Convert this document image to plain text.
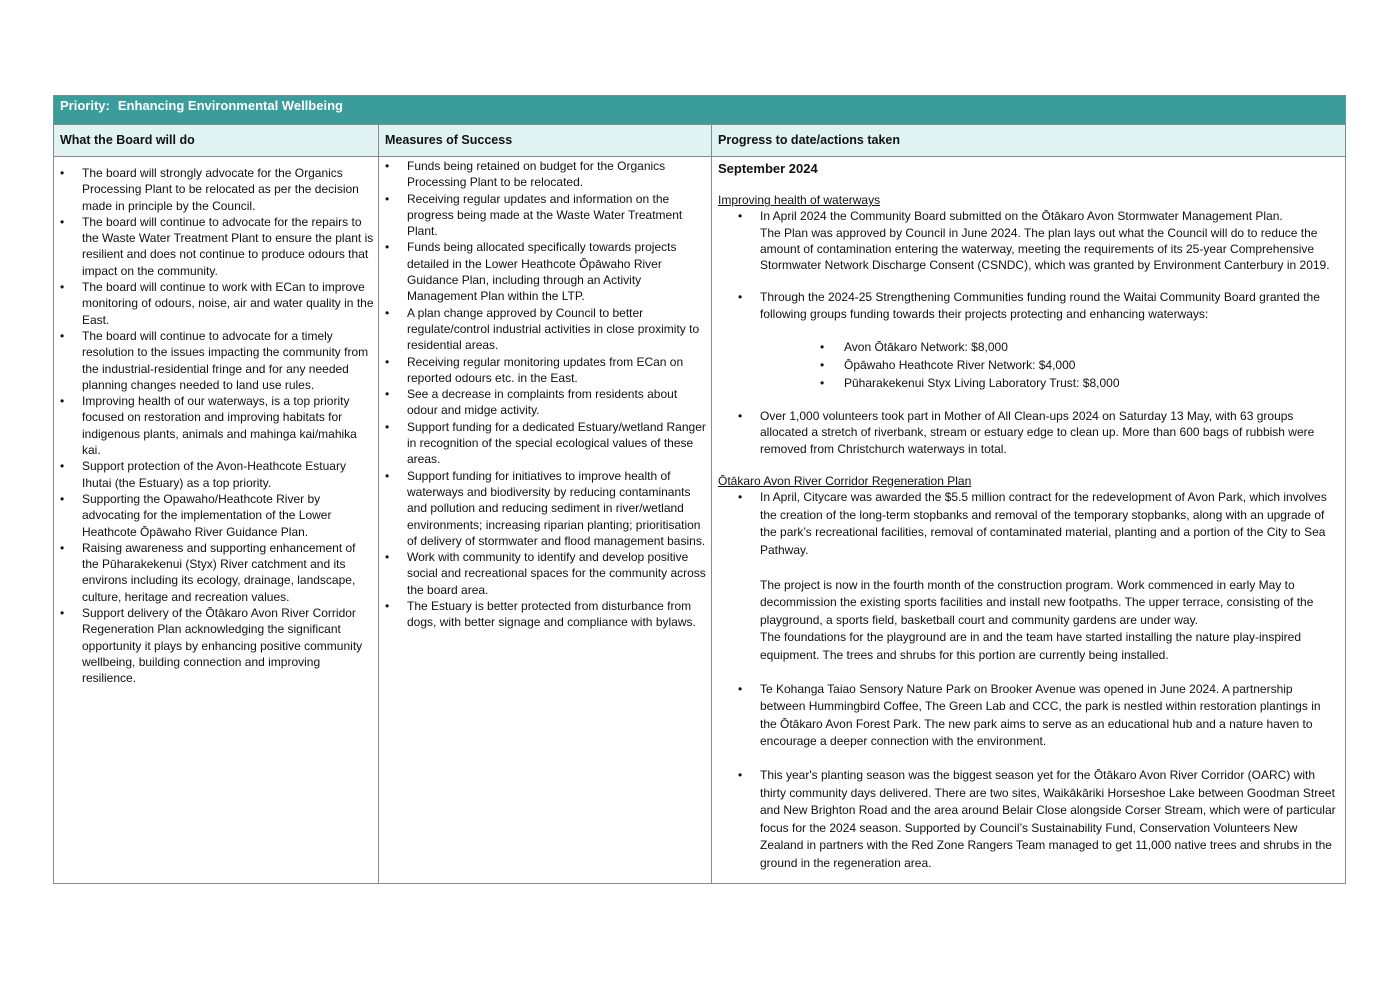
Priority: Enhancing Environmental Wellbeing
What the Board will do	Measures of Success	Progress to date/actions taken
• The board will strongly advocate for the Organics Processing Plant to be relocated as per the decision made in principle by the Council.
• The board will continue to advocate for the repairs to the Waste Water Treatment Plant to ensure the plant is resilient and does not continue to produce odours that impact on the community.
• The board will continue to work with ECan to improve monitoring of odours, noise, air and water quality in the East.
• The board will continue to advocate for a timely resolution to the issues impacting the community from the industrial-residential fringe and for any needed planning changes needed to land use rules.
• Improving health of our waterways, is a top priority focused on restoration and improving habitats for indigenous plants, animals and mahinga kai/mahika kai.
• Support protection of the Avon-Heathcote Estuary Ihutai (the Estuary) as a top priority.
• Supporting the Opawaho/Heathcote River by advocating for the implementation of the Lower Heathcote Ōpāwaho River Guidance Plan.
• Raising awareness and supporting enhancement of the Pūharakekenui (Styx) River catchment and its environs including its ecology, drainage, landscape, culture, heritage and recreation values.
• Support delivery of the Ōtākaro Avon River Corridor Regeneration Plan acknowledging the significant opportunity it plays by enhancing positive community wellbeing, building connection and improving resilience.
• Funds being retained on budget for the Organics Processing Plant to be relocated.
• Receiving regular updates and information on the progress being made at the Waste Water Treatment Plant.
• Funds being allocated specifically towards projects detailed in the Lower Heathcote Ōpāwaho River Guidance Plan, including through an Activity Management Plan within the LTP.
• A plan change approved by Council to better regulate/control industrial activities in close proximity to residential areas.
• Receiving regular monitoring updates from ECan on reported odours etc. in the East.
• See a decrease in complaints from residents about odour and midge activity.
• Support funding for a dedicated Estuary/wetland Ranger in recognition of the special ecological values of these areas.
• Support funding for initiatives to improve health of waterways and biodiversity by reducing contaminants and pollution and reducing sediment in river/wetland environments; increasing riparian planting; prioritisation of delivery of stormwater and flood management basins.
• Work with community to identify and develop positive social and recreational spaces for the community across the board area.
• The Estuary is better protected from disturbance from dogs, with better signage and compliance with bylaws.
September 2024

Improving health of waterways

• In April 2024 the Community Board submitted on the Ōtākaro Avon Stormwater Management Plan.

The Plan was approved by Council in June 2024. The plan lays out what the Council will do to reduce the amount of contamination entering the waterway, meeting the requirements of its 25-year Comprehensive Stormwater Network Discharge Consent (CSNDC), which was granted by Environment Canterbury in 2019.

• Through the 2024-25 Strengthening Communities funding round the Waitai Community Board granted the following groups funding towards their projects protecting and enhancing waterways:
• Avon Ōtākaro Network: $8,000
• Ōpāwaho Heathcote River Network: $4,000
• Pūharakekenui Styx Living Laboratory Trust: $8,000
• Over 1,000 volunteers took part in Mother of All Clean-ups 2024 on Saturday 13 May, with 63 groups allocated a stretch of riverbank, stream or estuary edge to clean up. More than 600 bags of rubbish were removed from Christchurch waterways in total.

Ōtākaro Avon River Corridor Regeneration Plan

• In April, Citycare was awarded the $5.5 million contract for the redevelopment of Avon Park, which involves the creation of the long-term stopbanks and removal of the temporary stopbanks, along with an upgrade of the park’s recreational facilities, removal of contaminated material, planting and a portion of the City to Sea Pathway.

The project is now in the fourth month of the construction program. Work commenced in early May to decommission the existing sports facilities and install new footpaths. The upper terrace, consisting of the playground, a sports field, basketball court and community gardens are under way.

The foundations for the playground are in and the team have started installing the nature play-inspired equipment. The trees and shrubs for this portion are currently being installed.

• Te Kohanga Taiao Sensory Nature Park on Brooker Avenue was opened in June 2024. A partnership between Hummingbird Coffee, The Green Lab and CCC, the park is nestled within restoration plantings in the Ōtākaro Avon Forest Park. The new park aims to serve as an educational hub and a nature haven to encourage a deeper connection with the environment.
• This year's planting season was the biggest season yet for the Ōtākaro Avon River Corridor (OARC) with thirty community days delivered. There are two sites, Waikākāriki Horseshoe Lake between Goodman Street and New Brighton Road and the area around Belair Close alongside Corser Stream, which were of particular focus for the 2024 season. Supported by Council’s Sustainability Fund, Conservation Volunteers New Zealand in partners with the Red Zone Rangers Team managed to get 11,000 native trees and shrubs in the ground in the regeneration area.
